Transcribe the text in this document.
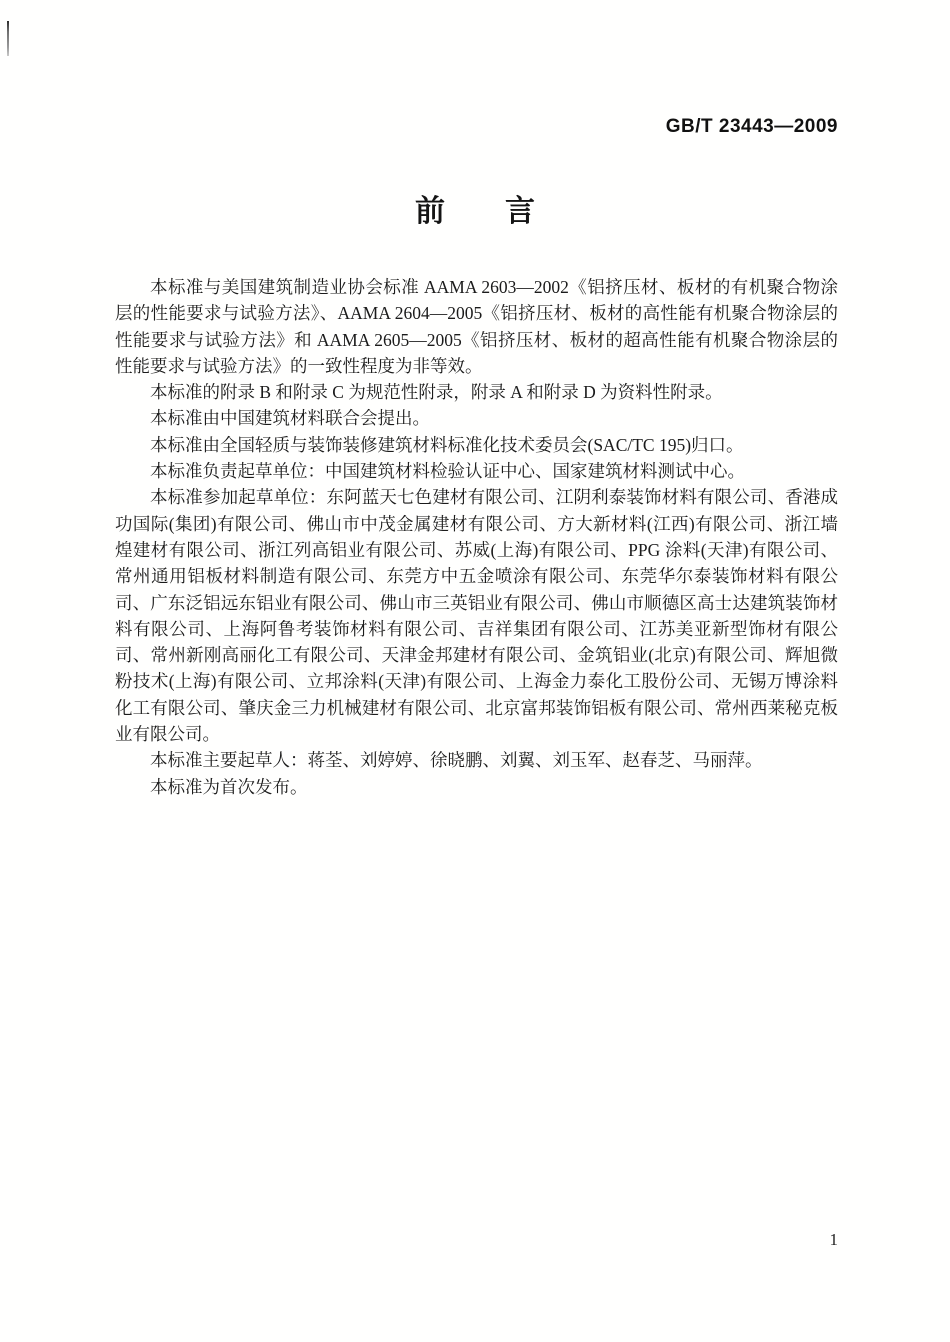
GB/T 23443—2009
前　　言

本标准与美国建筑制造业协会标准 AAMA 2603—2002《铝挤压材、板材的有机聚合物涂层的性能要求与试验方法》、AAMA 2604—2005《铝挤压材、板材的高性能有机聚合物涂层的性能要求与试验方法》和 AAMA 2605—2005《铝挤压材、板材的超高性能有机聚合物涂层的性能要求与试验方法》的一致性程度为非等效。

本标准的附录 B 和附录 C 为规范性附录，附录 A 和附录 D 为资料性附录。

本标准由中国建筑材料联合会提出。

本标准由全国轻质与装饰装修建筑材料标准化技术委员会(SAC/TC 195)归口。

本标准负责起草单位：中国建筑材料检验认证中心、国家建筑材料测试中心。

本标准参加起草单位：东阿蓝天七色建材有限公司、江阴利泰装饰材料有限公司、香港成功国际(集团)有限公司、佛山市中茂金属建材有限公司、方大新材料(江西)有限公司、浙江墙煌建材有限公司、浙江列高铝业有限公司、苏威(上海)有限公司、PPG 涂料(天津)有限公司、常州通用铝板材料制造有限公司、东莞方中五金喷涂有限公司、东莞华尔泰装饰材料有限公司、广东泛铝远东铝业有限公司、佛山市三英铝业有限公司、佛山市顺德区高士达建筑装饰材料有限公司、上海阿鲁考装饰材料有限公司、吉祥集团有限公司、江苏美亚新型饰材有限公司、常州新刚高丽化工有限公司、天津金邦建材有限公司、金筑铝业(北京)有限公司、辉旭微粉技术(上海)有限公司、立邦涂料(天津)有限公司、上海金力泰化工股份公司、无锡万博涂料化工有限公司、肇庆金三力机械建材有限公司、北京富邦装饰铝板有限公司、常州西莱秘克板业有限公司。

本标准主要起草人：蒋荃、刘婷婷、徐晓鹏、刘翼、刘玉军、赵春芝、马丽萍。

本标准为首次发布。

1
